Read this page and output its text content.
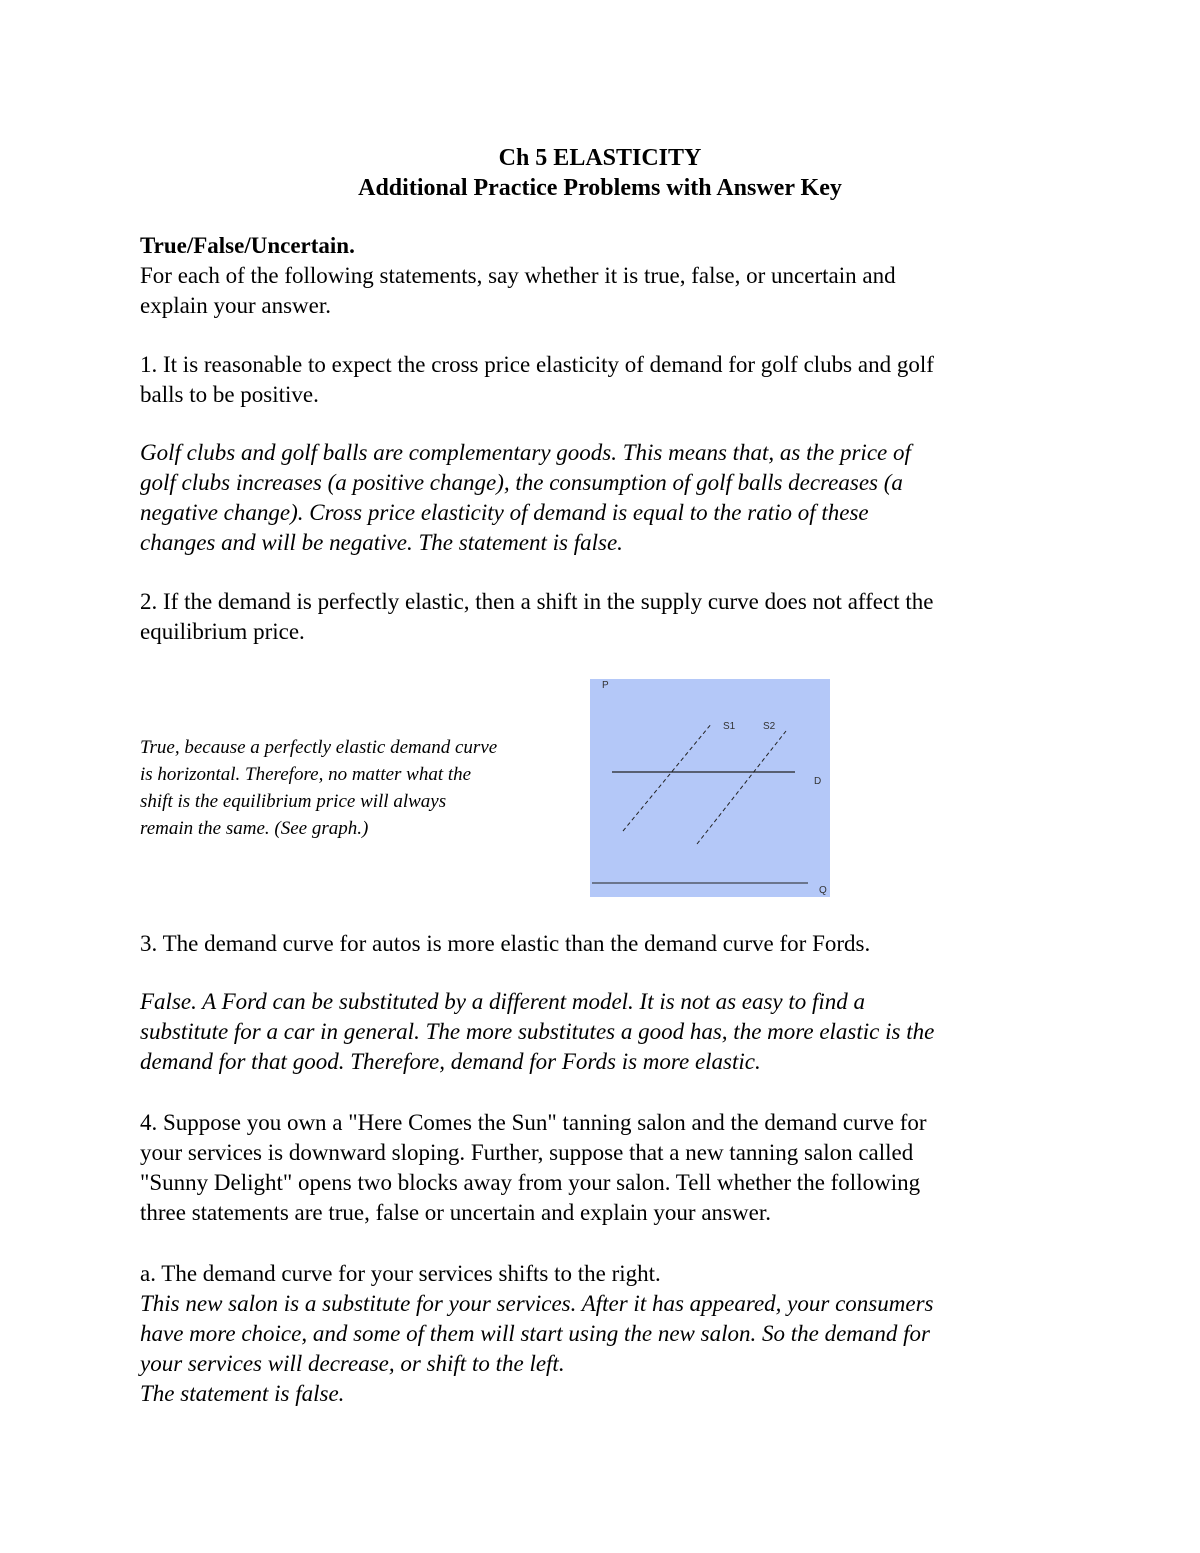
Ch 5 ELASTICITY
Additional Practice Problems with Answer Key
True/False/Uncertain.
For each of the following statements, say whether it is true, false, or uncertain and
explain your answer.
1. It is reasonable to expect the cross price elasticity of demand for golf clubs and golf
balls to be positive.
Golf clubs and golf balls are complementary goods. This means that, as the price of
golf clubs increases (a positive change), the consumption of golf balls decreases (a
negative change). Cross price elasticity of demand is equal to the ratio of these
changes and will be negative. The statement is false.
2. If the demand is perfectly elastic, then a shift in the supply curve does not affect the
equilibrium price.
True, because a perfectly elastic demand curve
is horizontal. Therefore, no matter what the
shift is the equilibrium price will always
remain the same. (See graph.)
P
Q
D
S1	S2
3. The demand curve for autos is more elastic than the demand curve for Fords.
False. A Ford can be substituted by a different model. It is not as easy to find a
substitute for a car in general. The more substitutes a good has, the more elastic is the
demand for that good. Therefore, demand for Fords is more elastic.
4. Suppose you own a "Here Comes the Sun" tanning salon and the demand curve for
your services is downward sloping. Further, suppose that a new tanning salon called
"Sunny Delight" opens two blocks away from your salon. Tell whether the following
three statements are true, false or uncertain and explain your answer.
a. The demand curve for your services shifts to the right.
This new salon is a substitute for your services. After it has appeared, your consumers
have more choice, and some of them will start using the new salon. So the demand for
your services will decrease, or shift to the left.
The statement is false.
